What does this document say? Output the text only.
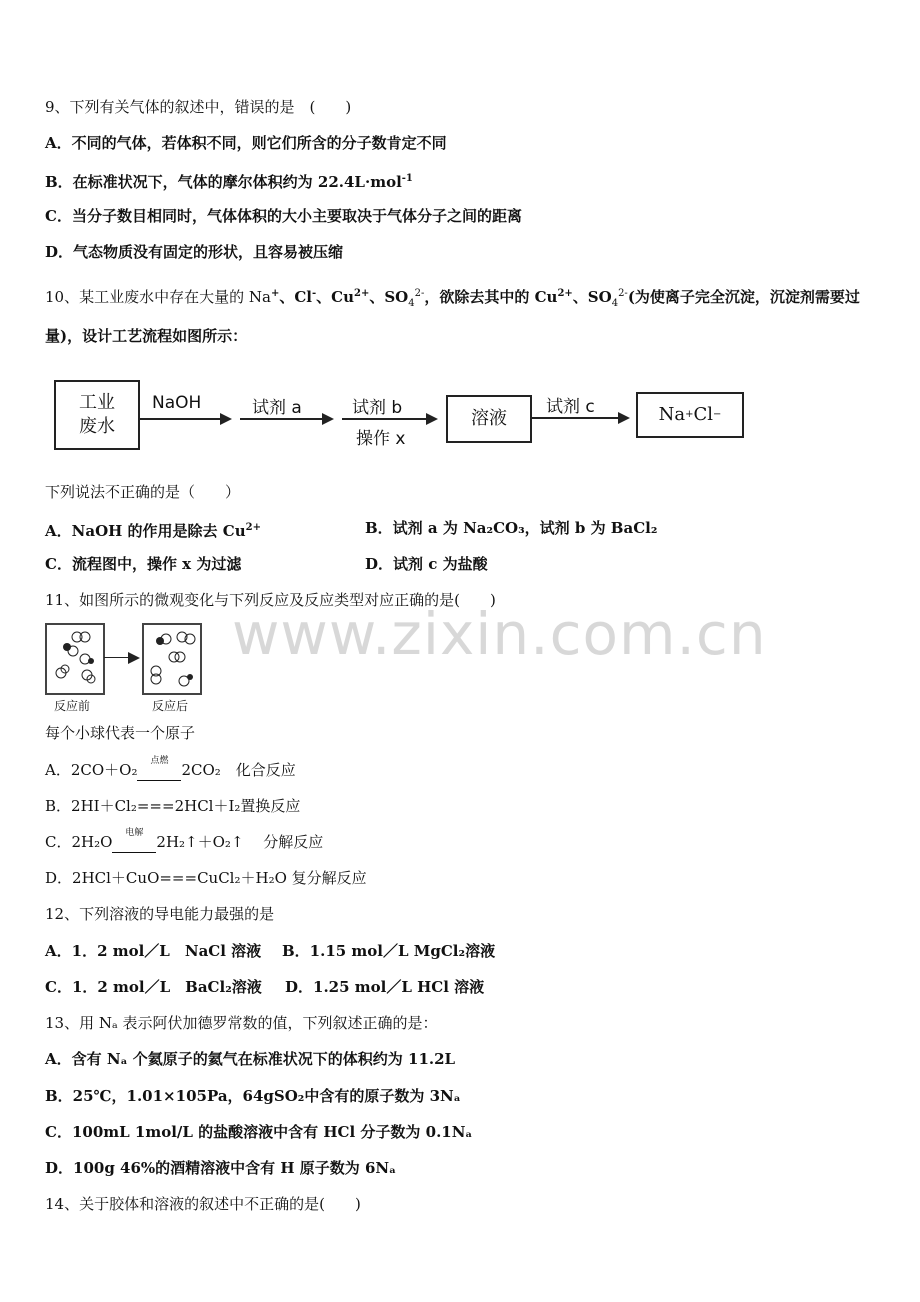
www.zixin.com.cn
9、下列有关气体的叙述中，错误的是　(　　)
A．不同的气体，若体积不同，则它们所含的分子数肯定不同
B．在标准状况下，气体的摩尔体积约为 22.4L·mol$^{-1}$
C．当分子数目相同时，气体体积的大小主要取决于气体分子之间的距离
D．气态物质没有固定的形状，且容易被压缩
10、某工业废水中存在大量的 Na+、Cl-、$Cu^{2+}$、$SO_4^{2-}$，欲除去其中的 $Cu^{2+}$、$SO_4^{2-}$(为使离子完全沉淀，沉淀剂需要过
量)，设计工艺流程如图所示：
工业
废水
NaOH	试剂 a	试剂 b
操作 x
溶液
试剂 c	Na + Cl −
下列说法不正确的是（　　）
A．NaOH 的作用是除去 $Cu^{2+}$	B．试剂 a 为 Na₂CO₃，试剂 b 为 BaCl₂
C．流程图中，操作 x 为过滤	D．试剂 c 为盐酸
11、如图所示的微观变化与下列反应及反应类型对应正确的是(　　)
反应前	反应后
每个小球代表一个原子
A．2CO＋O₂	点燃 2CO₂　化合反应
B．2HI＋Cl₂===2HCl＋I₂置换反应
C．2H₂O	电解 2H₂↑＋O₂↑　 分解反应
D．2HCl＋CuO===CuCl₂＋H₂O 复分解反应
12、下列溶液的导电能力最强的是
A．1．2 mol／L　NaCl 溶液 B．1.15 mol／L MgCl₂溶液
C．1．2 mol／L　BaCl₂溶液 D．1.25 mol／L HCl 溶液
13、用 Nₐ 表示阿伏加德罗常数的值，下列叙述正确的是：
A．含有 Nₐ 个氦原子的氦气在标准状况下的体积约为 11.2L
B．25℃，1.01×105Pa，64gSO₂中含有的原子数为 3Nₐ
C．100mL 1mol/L 的盐酸溶液中含有 HCl 分子数为 0.1Nₐ
D．100g 46%的酒精溶液中含有 H 原子数为 6Nₐ
14、关于胶体和溶液的叙述中不正确的是(　　)
